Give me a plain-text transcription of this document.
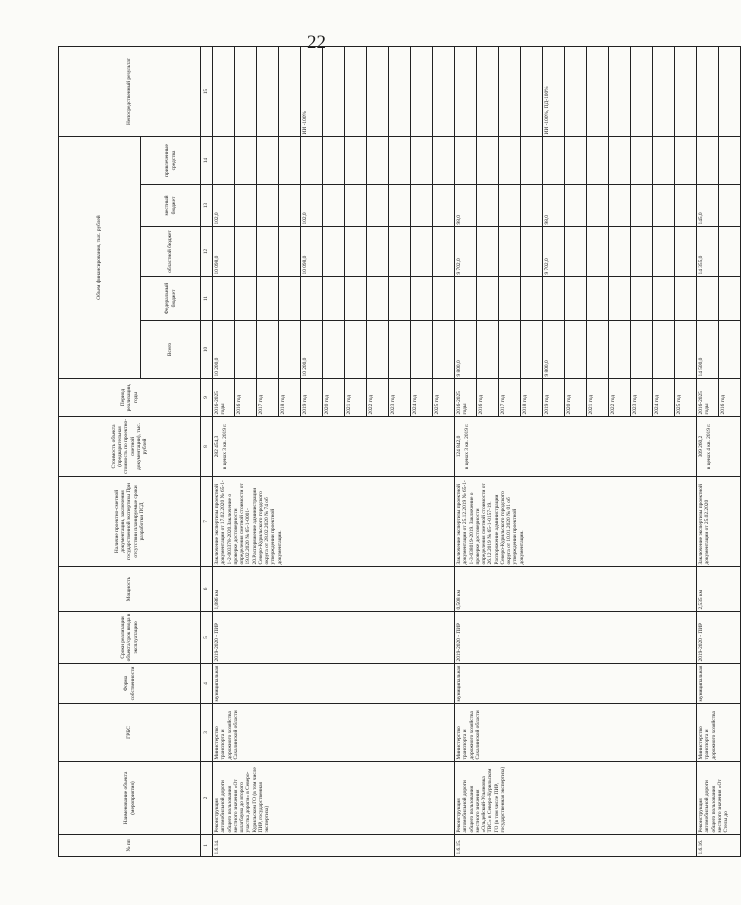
22
№ пп	Наименование объекта (мероприятия)	ГРБС	Форма собственности	Сроки реализации объекта/срок ввода в эксплуатацию	Мощность	Наличие проектно-сметной документации, заключения государственной экспертизы При отсутствии планируемые сроки разработки ПСД	Стоимость объекта (предварительная стоимость по проектно-сметной документации), тыс. рублей	Период реализации, годы	Объем финансирования, тыс. рублей					Непосредственный результат
									Всего	Федеральный бюджет	областной бюджет	местный бюджет	привлеченные средства	
1	2	3	4	5	6	7	8	9	10	11	12	13	14	15
1.6.14.	Реконструкция автомобильной дороги общего пользования местного значения «От шлагбаума до второго участка дороги» в Северо-Курильском ГО (в том числе ПИР, государственная экспертиза)	Министерство транспорта и дорожного хозяйства Сахалинской области	муниципальная	2019-2020 - ПИР	1,086 км	Заключение экспертизы проектной документации от 17.02.2020 № 65-1-1-2-003378-2020.Заключение о проверке достоверности определения сметной стоимости от 19.02.2020 № 65-1-0001-20.Распоряжение администрации Северо-Курильского городского округа от 28.02.2020 № 74 об утверждении проектной документации.	282 454,3 в ценах 3 кв. 2019 г.	2016-2025 годы	10 200,0		10 098,0	102,0		
								2016 год						
								2017 год						
								2018 год						
								2019 год	10 200,0		10 098,0	102,0		ИИ -100%
								2020 год						
								2021 год						
								2022 год						
								2023 год						
								2024 год						
								2025 год						
1.6.15.	Реконструкция автомобильной дороги общего пользования местного значения «Ольдейский-Ульяновка ТВС» в Северо-Курильском ГО (в том числе ПИР, государственная экспертиза)	Министерство транспорта и дорожного хозяйства Сахалинской области	муниципальная	2019-2020 - ПИР	0,508 км	Заключение экспертизы проектной документации от 25.12.2019 № 65-1-1-3-038019-2019. Заключение о проверке достоверности определения сметной стоимости от 26.12.2019 № 65-1-0157-19. Распоряжение администрации Северо-Курильского городского округа от 10.01.2020 № 01 об утверждении проектной документации.	124 842,0 в ценах 3 кв. 2019 г.	2016-2025 годы	9 800,0		9 702,0	98,0		
								2016 год						
								2017 год						
								2018 год						
								2019 год	9 800,0		9 702,0	98,0		ИИ -100%, ПД-100%
								2020 год						
								2021 год						
								2022 год						
								2023 год						
								2024 год						
								2025 год						
1.6.16.	Реконструкция автомобильной дороги общего пользования местного значения «От Стелы до	Министерство транспорта и дорожного хозяйства	муниципальная	2019-2020 - ПИР	2,535 км	Заключение экспертизы проектной документации от 25.02.2020	309 260,2 в ценах 4 кв. 2019 г.	2016-2025 годы	14 500,0		14 355,0	145,0		
								2016 год						
